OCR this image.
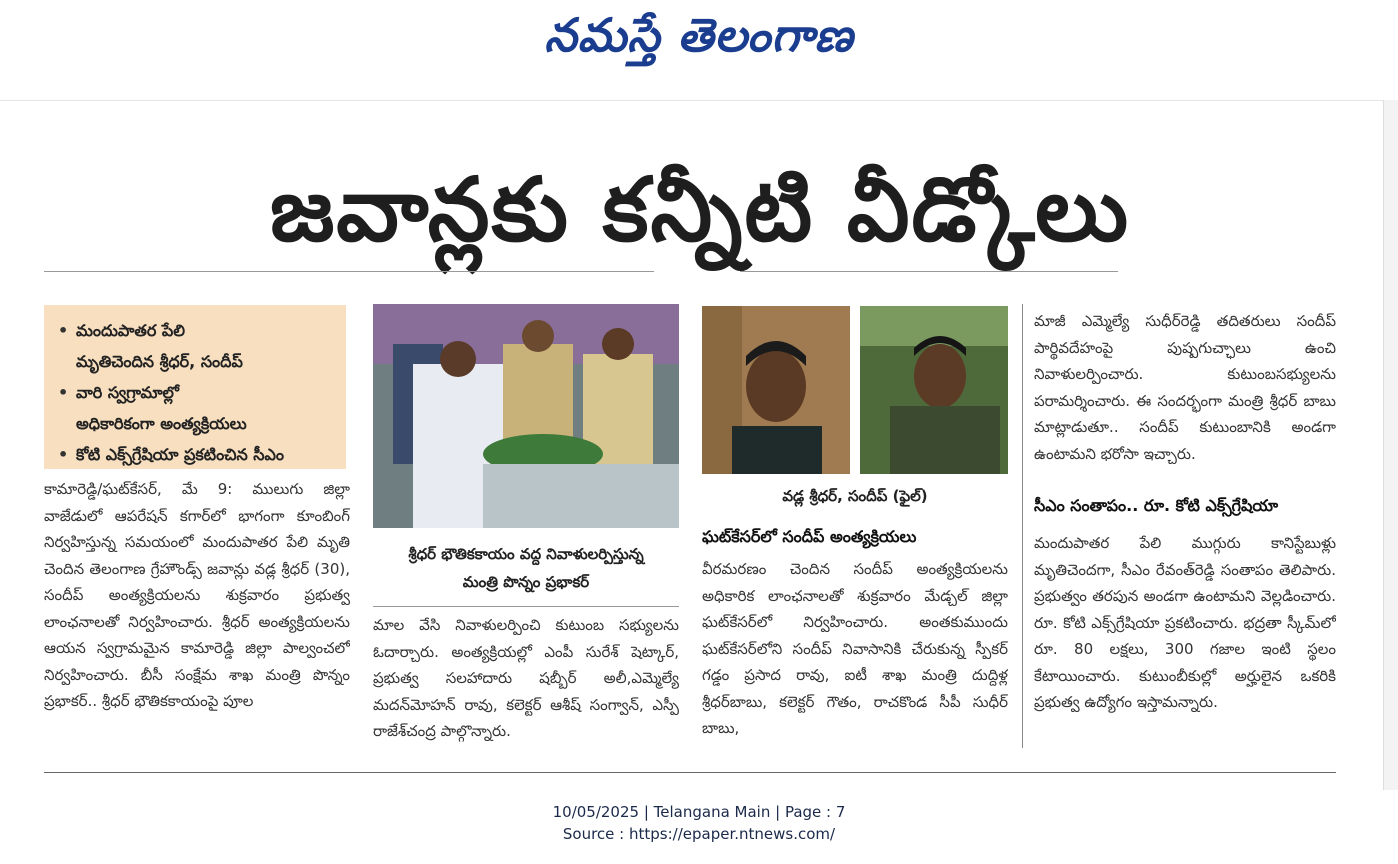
నమస్తే తెలంగాణ
జవాన్లకు కన్నీటి వీడ్కోలు
• మందుపాతర పేలి
మృతిచెందిన శ్రీధర్, సందీప్
• వారి స్వగ్రామాల్లో
అధికారికంగా అంత్యక్రియలు
• కోటి ఎక్స్‌గ్రేషియా ప్రకటించిన సీఎం
కామారెడ్డి/ఘట్‌కేసర్, మే 9: ములుగు జిల్లా వాజేడులో ఆపరేషన్ కగార్‌లో భాగంగా కూంబింగ్ నిర్వహిస్తున్న సమయంలో మందుపాతర పేలి మృతి చెందిన తెలంగాణ గ్రేహౌండ్స్ జవాన్లు వడ్ల శ్రీధర్ (30), సందీప్ అంత్యక్రియలను శుక్రవారం ప్రభుత్వ లాంఛనాలతో నిర్వహించారు. శ్రీధర్ అంత్యక్రియలను ఆయన స్వగ్రామమైన కామారెడ్డి జిల్లా పాల్వంచలో నిర్వహించారు. బీసీ సంక్షేమ శాఖ మంత్రి పొన్నం ప్రభాకర్.. శ్రీధర్ భౌతికకాయంపై పూల
శ్రీధర్ భౌతికకాయం వద్ద నివాళులర్పిస్తున్న
మంత్రి పొన్నం ప్రభాకర్
మాల వేసి నివాళులర్పించి కుటుంబ సభ్యులను ఓదార్చారు. అంత్యక్రియల్లో ఎంపీ సురేశ్ షెట్కార్, ప్రభుత్వ సలహాదారు షబ్బీర్ అలీ,ఎమ్మెల్యే మదన్‌మోహన్ రావు, కలెక్టర్ ఆశీష్ సంగ్వాన్, ఎస్పీ రాజేశ్‌చంద్ర పాల్గొన్నారు.
వడ్ల శ్రీధర్, సందీప్ (ఫైల్)
ఘట్‌కేసర్‌లో సందీప్ అంత్యక్రియలు
వీరమరణం చెందిన సందీప్ అంత్యక్రియలను అధికారిక లాంఛనాలతో శుక్రవారం మేడ్చల్ జిల్లా ఘట్‌కేసర్‌లో నిర్వహించారు. అంతకుముందు ఘట్‌కేసర్‌లోని సందీప్ నివాసానికి చేరుకున్న స్పీకర్ గడ్డం ప్రసాద రావు, ఐటీ శాఖ మంత్రి దుద్దిళ్ల శ్రీధర్‌బాబు, కలెక్టర్ గౌతం, రాచకొండ సీపీ సుధీర్ బాబు,
మాజీ ఎమ్మెల్యే సుధీర్‌రెడ్డి తదితరులు సందీప్ పార్థివదేహంపై పుష్పగుచ్ఛాలు ఉంచి నివాళులర్పించారు. కుటుంబసభ్యులను పరామర్శించారు. ఈ సందర్భంగా మంత్రి శ్రీధర్ బాబు మాట్లాడుతూ.. సందీప్ కుటుంబానికి అండగా ఉంటామని భరోసా ఇచ్చారు.
సీఎం సంతాపం.. రూ. కోటి ఎక్స్‌గ్రేషియా
మందుపాతర పేలి ముగ్గురు కానిస్టేబుళ్లు మృతిచెందగా, సీఎం రేవంత్‌రెడ్డి సంతాపం తెలిపారు. ప్రభుత్వం తరపున అండగా ఉంటామని వెల్లడించారు. రూ. కోటి ఎక్స్‌గ్రేషియా ప్రకటించారు. భద్రతా స్కీమ్‌లో రూ. 80 లక్షలు, 300 గజాల ఇంటి స్థలం కేటాయించారు. కుటుంబీకుల్లో అర్హులైన ఒకరికి ప్రభుత్వ ఉద్యోగం ఇస్తామన్నారు.
10/05/2025 | Telangana Main | Page : 7
Source : https://epaper.ntnews.com/
